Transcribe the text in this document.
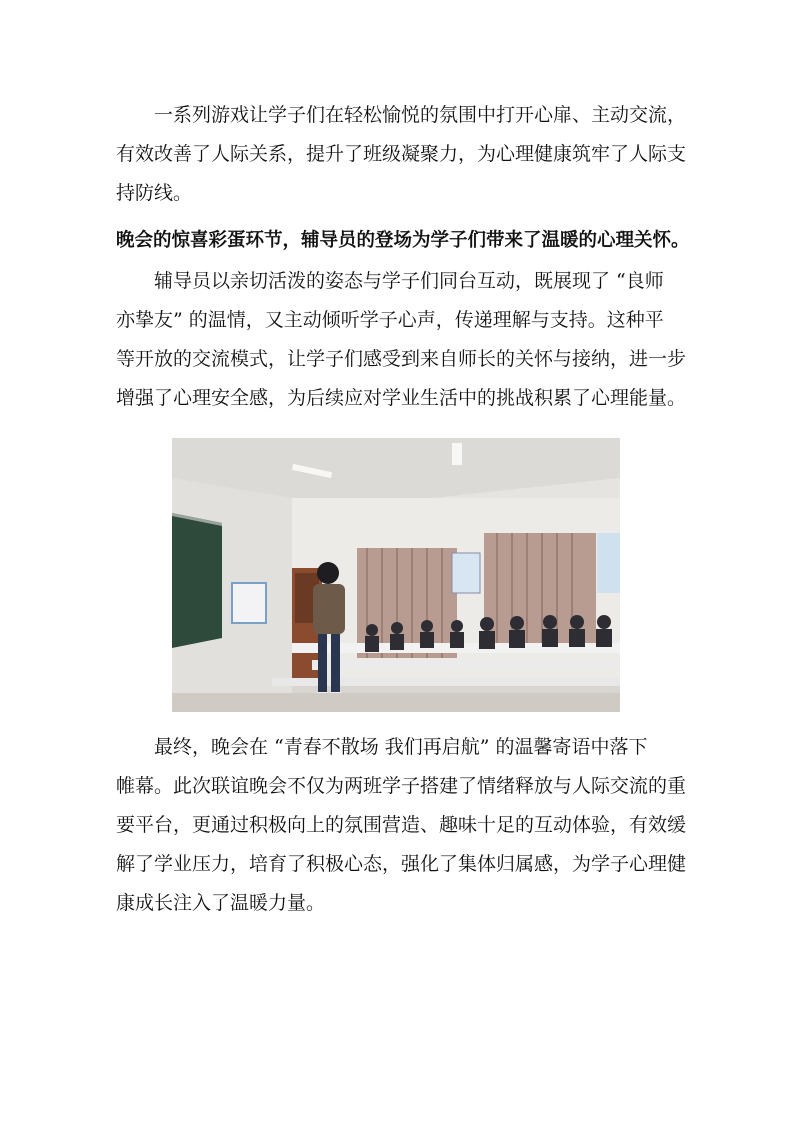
一系列游戏让学子们在轻松愉悦的氛围中打开心扉、主动交流，
有效改善了人际关系，提升了班级凝聚力，为心理健康筑牢了人际支
持防线。

晚会的惊喜彩蛋环节，辅导员的登场为学子们带来了温暖的心理关怀。

辅导员以亲切活泼的姿态与学子们同台互动，既展现了 “良师
亦挚友” 的温情，又主动倾听学子心声，传递理解与支持。这种平
等开放的交流模式，让学子们感受到来自师长的关怀与接纳，进一步
增强了心理安全感，为后续应对学业生活中的挑战积累了心理能量。

最终，晚会在 “青春不散场 我们再启航” 的温馨寄语中落下
帷幕。此次联谊晚会不仅为两班学子搭建了情绪释放与人际交流的重
要平台，更通过积极向上的氛围营造、趣味十足的互动体验，有效缓
解了学业压力，培育了积极心态，强化了集体归属感，为学子心理健
康成长注入了温暖力量。
